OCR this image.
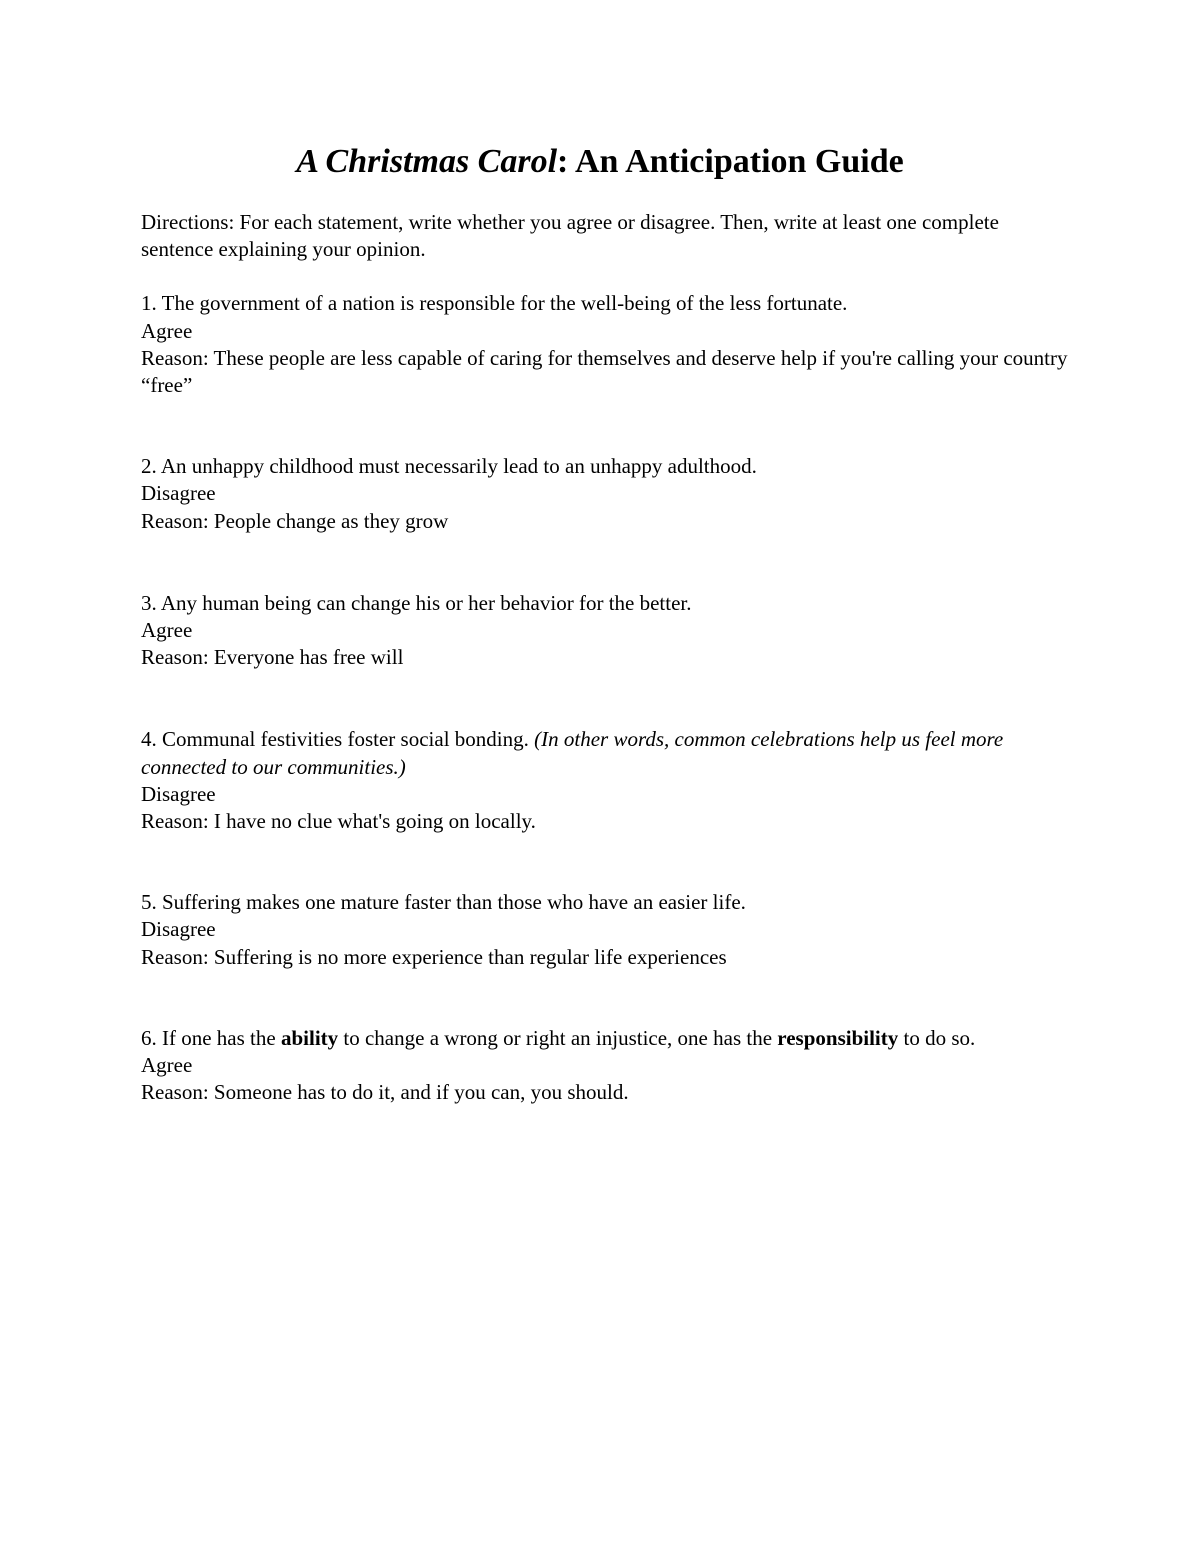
A Christmas Carol: An Anticipation Guide

Directions: For each statement, write whether you agree or disagree. Then, write at least one complete sentence explaining your opinion.

1. The government of a nation is responsible for the well-being of the less fortunate.
Agree
Reason: These people are less capable of caring for themselves and deserve help if you're calling your country “free”
2. An unhappy childhood must necessarily lead to an unhappy adulthood.
Disagree
Reason: People change as they grow
3. Any human being can change his or her behavior for the better.
Agree
Reason: Everyone has free will
4. Communal festivities foster social bonding. (In other words, common celebrations help us feel more connected to our communities.)
Disagree
Reason: I have no clue what's going on locally.
5. Suffering makes one mature faster than those who have an easier life.
Disagree
Reason: Suffering is no more experience than regular life experiences
6. If one has the ability to change a wrong or right an injustice, one has the responsibility to do so.
Agree
Reason: Someone has to do it, and if you can, you should.
